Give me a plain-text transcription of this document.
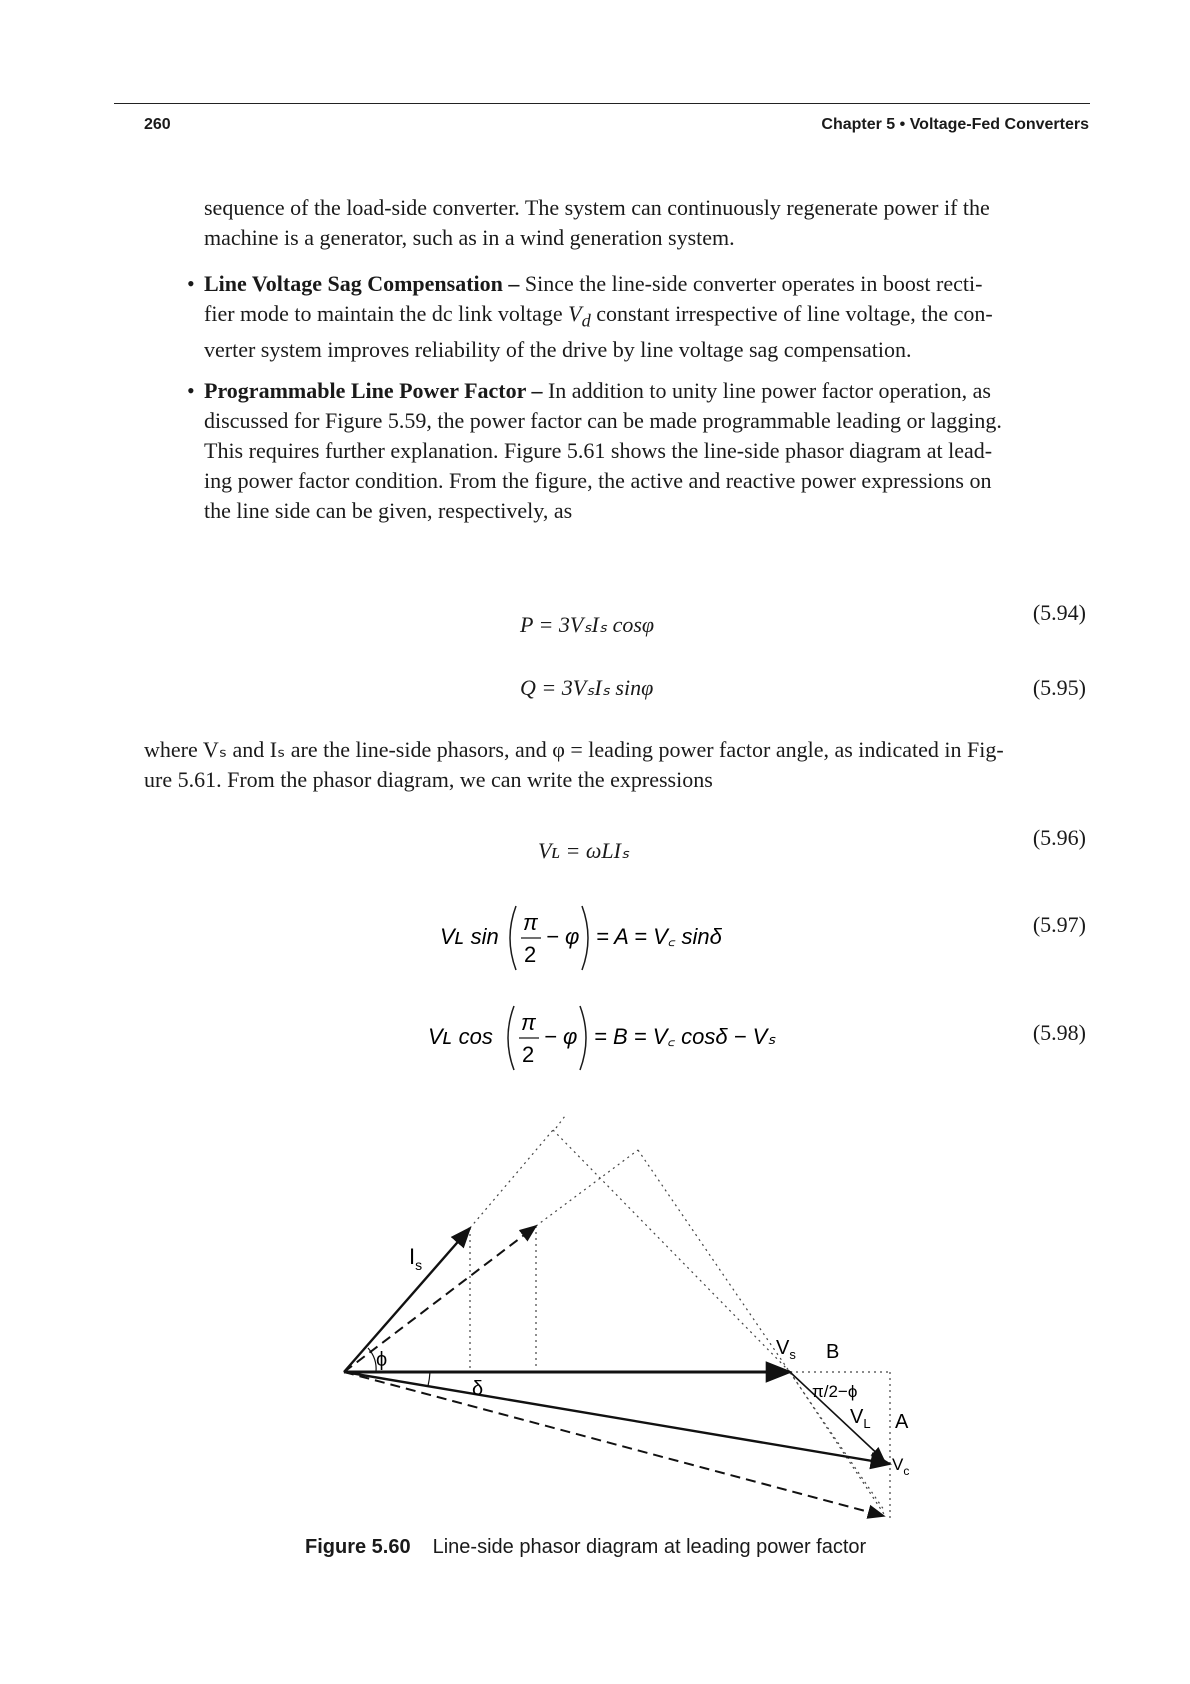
260	Chapter 5 • Voltage-Fed Converters
sequence of the load-side converter. The system can continuously regenerate power if the
machine is a generator, such as in a wind generation system.
• Line Voltage Sag Compensation – Since the line-side converter operates in boost recti-
fier mode to maintain the dc link voltage $V_d$ constant irrespective of line voltage, the con-
verter system improves reliability of the drive by line voltage sag compensation.
• Programmable Line Power Factor – In addition to unity line power factor operation, as
discussed for Figure 5.59, the power factor can be made programmable leading or lagging.
This requires further explanation. Figure 5.61 shows the line-side phasor diagram at lead-
ing power factor condition. From the figure, the active and reactive power expressions on
the line side can be given, respectively, as
P = 3VₛIₛ cosφ	(5.94)
Q = 3VₛIₛ sinφ	(5.95)
where Vₛ and Iₛ are the line-side phasors, and φ = leading power factor angle, as indicated in Fig-
ure 5.61. From the phasor diagram, we can write the expressions
Vʟ = ωLIₛ
(5.96)
Vʟ sin
π
2
− φ = A = V꜀ sinδ	(5.97)
Vʟ cos
π
2
− φ = B = V꜀ cosδ − Vₛ	(5.98)
$I_s$
ϕ
δ
$V_s$ B
π/2−ϕ
$V_L$ A
$V_c$
Figure 5.60 Line-side phasor diagram at leading power factor
